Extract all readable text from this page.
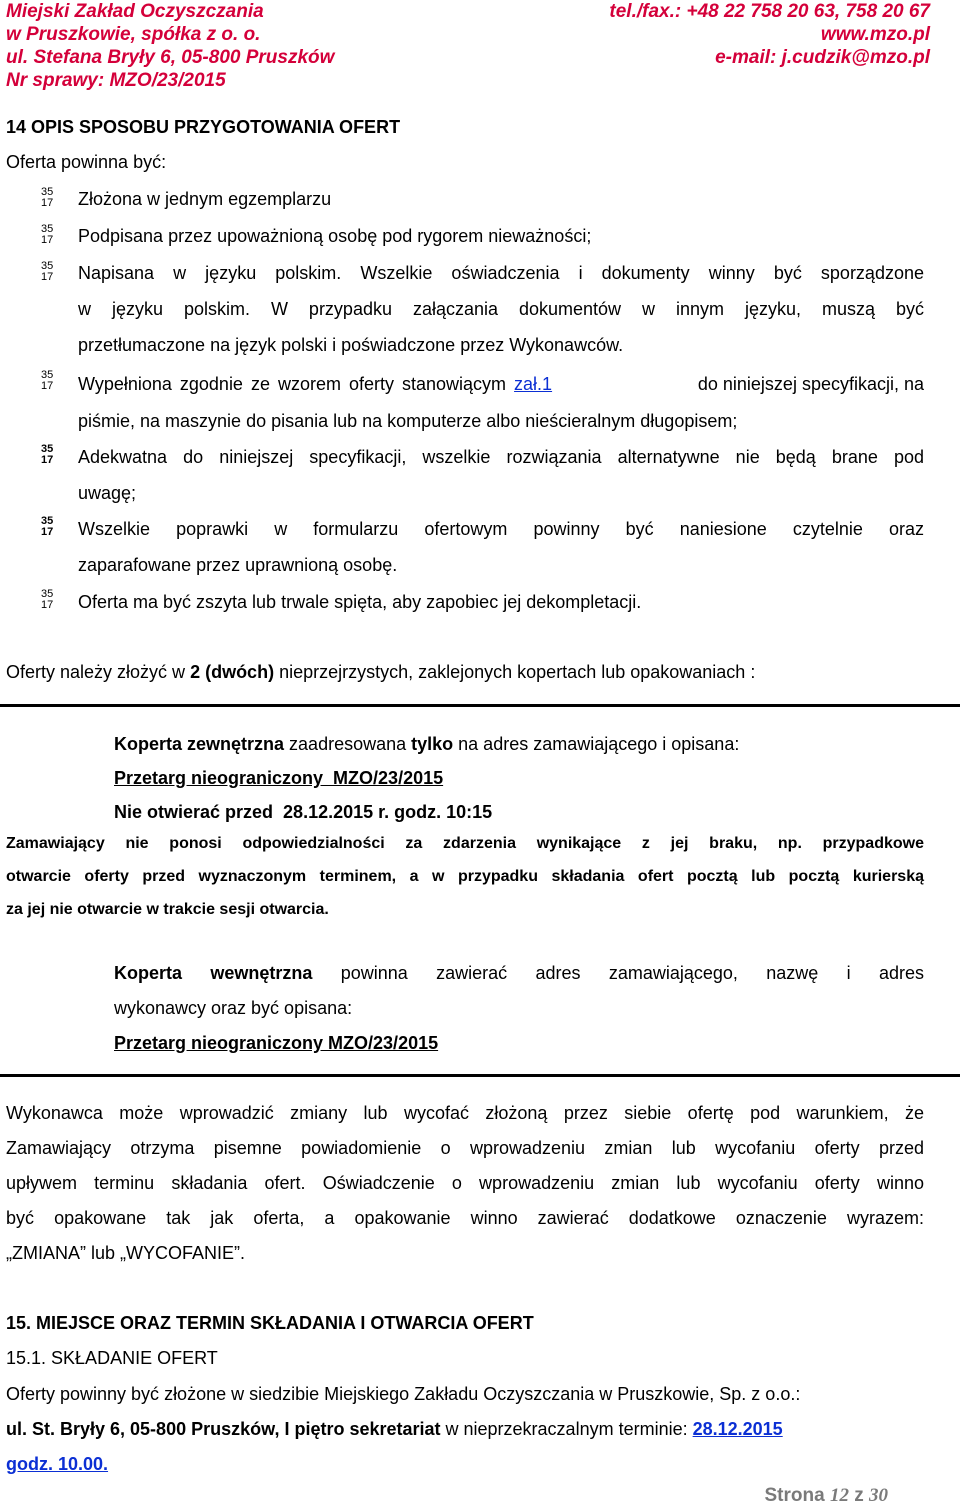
Miejski Zakład Oczyszczania	tel./fax.: +48 22 758 20 63, 758 20 67
w Pruszkowie, spółka z o. o.	www.mzo.pl
ul. Stefana Bryły 6, 05-800 Pruszków	e-mail: j.cudzik@mzo.pl
Nr sprawy: MZO/23/2015
14 OPIS SPOSOBU PRZYGOTOWANIA OFERT
Oferta powinna być:
35
17
35
17
35
17
35
17
35
17
35
17
35
17
Złożona w jednym egzemplarzu
Podpisana przez upoważnioną osobę pod rygorem nieważności;
Napisana w języku polskim. Wszelkie oświadczenia i dokumenty winny być sporządzone
w języku polskim. W przypadku załączania dokumentów w innym języku, muszą być
przetłumaczone na język polski i poświadczone przez Wykonawców.
Wypełniona zgodnie ze wzorem oferty stanowiącym zał.1	do niniejszej specyfikacji, na
piśmie, na maszynie do pisania lub na komputerze albo nieścieralnym długopisem;
Adekwatna do niniejszej specyfikacji, wszelkie rozwiązania alternatywne nie będą brane pod
uwagę;
Wszelkie poprawki w formularzu ofertowym powinny być naniesione czytelnie oraz
zaparafowane przez uprawnioną osobę.
Oferta ma być zszyta lub trwale spięta, aby zapobiec jej dekompletacji.
Oferty należy złożyć w 2 (dwóch) nieprzejrzystych, zaklejonych kopertach lub opakowaniach :
Koperta zewnętrzna zaadresowana tylko na adres zamawiającego i opisana:
Przetarg nieograniczony  MZO/23/2015
Nie otwierać przed  28.12.2015 r. godz. 10:15
Zamawiający nie ponosi odpowiedzialności za zdarzenia wynikające z jej braku, np. przypadkowe
otwarcie oferty przed wyznaczonym terminem, a w przypadku składania ofert pocztą lub pocztą kurierską
za jej nie otwarcie w trakcie sesji otwarcia.
Koperta wewnętrzna powinna zawierać adres zamawiającego, nazwę i adres
wykonawcy oraz być opisana:
Przetarg nieograniczony MZO/23/2015
Wykonawca może wprowadzić zmiany lub wycofać złożoną przez siebie ofertę pod warunkiem, że
Zamawiający otrzyma pisemne powiadomienie o wprowadzeniu zmian lub wycofaniu oferty przed
upływem terminu składania ofert. Oświadczenie o wprowadzeniu zmian lub wycofaniu oferty winno
być opakowane tak jak oferta, a opakowanie winno zawierać dodatkowe oznaczenie wyrazem:
„ZMIANA” lub „WYCOFANIE”.
15. MIEJSCE ORAZ TERMIN SKŁADANIA I OTWARCIA OFERT
15.1. SKŁADANIE OFERT
Oferty powinny być złożone w siedzibie Miejskiego Zakładu Oczyszczania w Pruszkowie, Sp. z o.o.:
ul. St. Bryły 6, 05-800 Pruszków, I piętro sekretariat w nieprzekraczalnym terminie: 28.12.2015
godz. 10.00.
Strona 12 z 30
